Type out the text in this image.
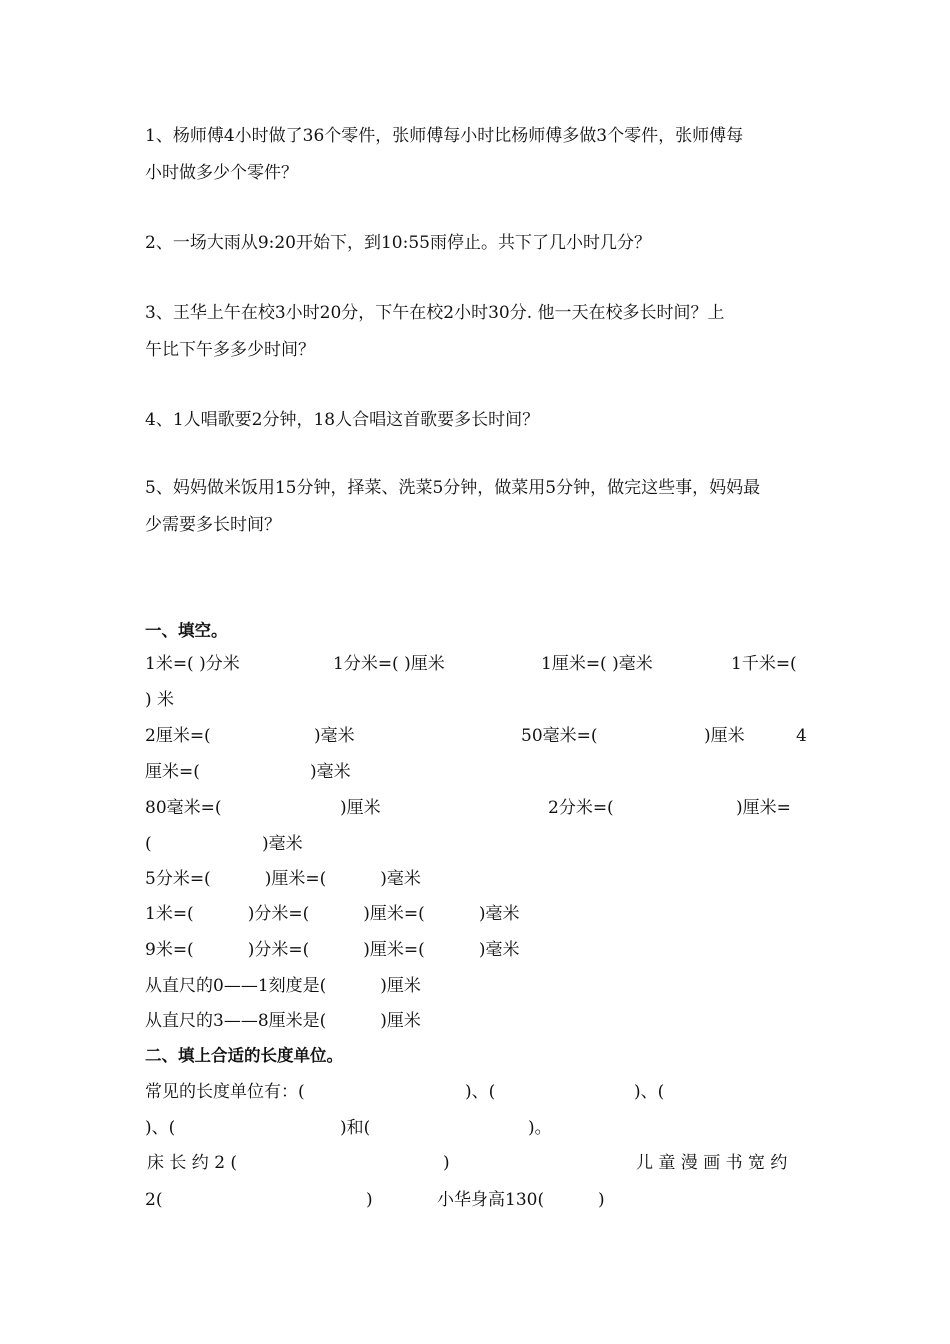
1、杨师傅4小时做了36个零件，张师傅每小时比杨师傅多做3个零件，张师傅每
小时做多少个零件？
2、一场大雨从9:20开始下，到10:55雨停止。共下了几小时几分？
3、王华上午在校3小时20分，下午在校2小时30分. 他一天在校多长时间？上
午比下午多多少时间？
4、1人唱歌要2分钟，18人合唱这首歌要多长时间？
5、妈妈做米饭用15分钟，择菜、洗菜5分钟，做菜用5分钟，做完这些事，妈妈最
少需要多长时间？
一、填空。
1米=( )分米	1分米=( )厘米	1厘米=( )毫米	1千米=(
) 米
2厘米=(	)毫米	50毫米=(	)厘米	4
厘米=(	)毫米
80毫米=(	)厘米	2分米=(	)厘米=
(	)毫米
5分米=(          )厘米=(          )毫米
1米=(          )分米=(          )厘米=(          )毫米
9米=(          )分米=(          )厘米=(          )毫米
从直尺的0——1刻度是(          )厘米
从直尺的3——8厘米是(          )厘米
二、填上合适的长度单位。
常见的长度单位有：(	)、(	)、(
)、(	)和(	)。
床 长 约 2 (	)	儿 童 漫 画 书 宽 约
2(	)	小华身高130(	)
